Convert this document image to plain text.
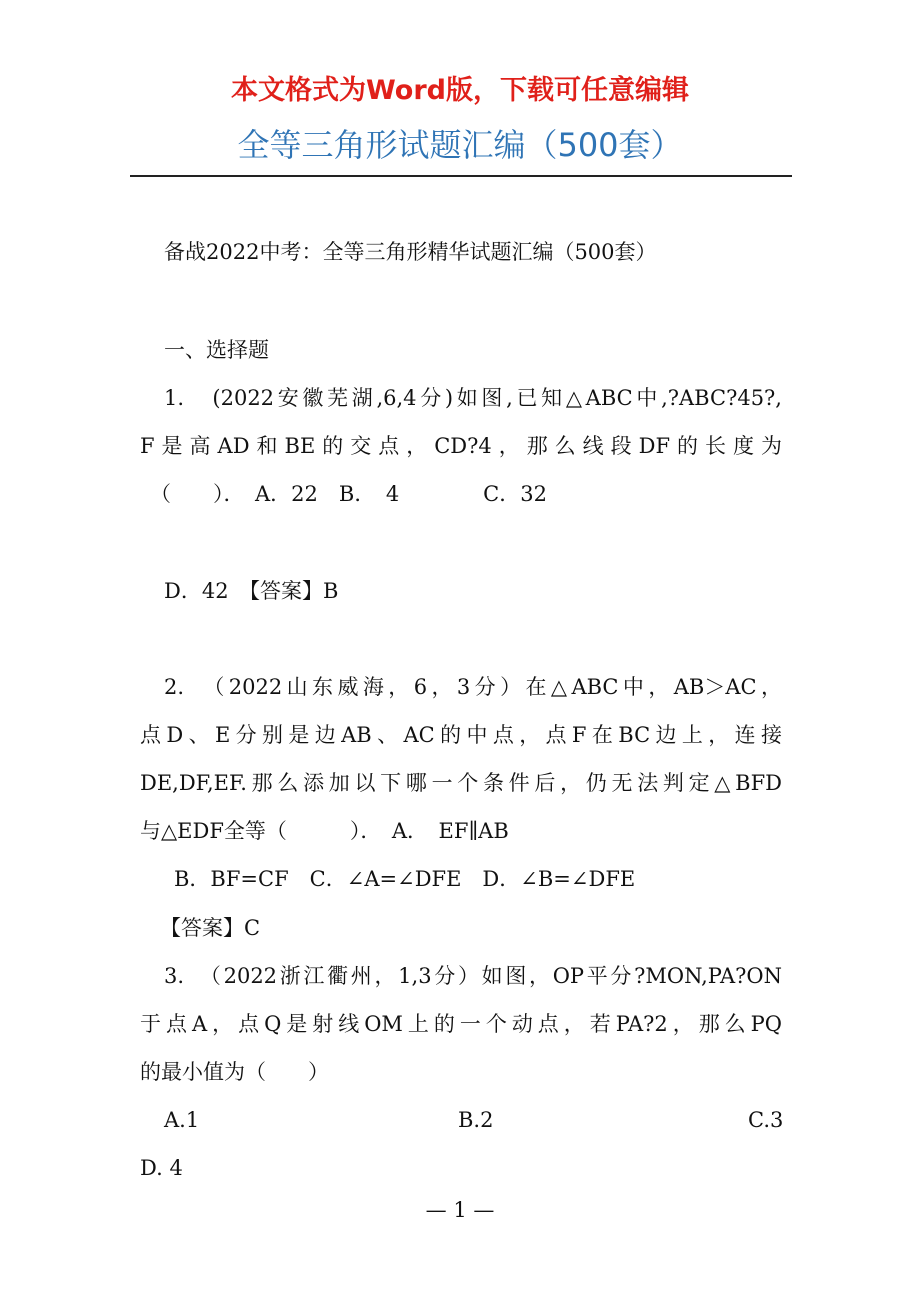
本文格式为Word版，下载可任意编辑
全等三角形试题汇编（500套）
备战2022中考：全等三角形精华试题汇编（500套）
一、选择题
1.　(2022安徽芜湖,6,4分)如图,已知△ABC中,?ABC?45?,
F是高AD和BE的交点，CD?4，那么线段DF的长度为
（　　）．　A．22　B．　4　　　　C．32
D．42　【答案】B
2.　（2022山东威海，6，3分）在△ABC中，AB＞AC，
点D、E分别是边AB、AC的中点，点F在BC边上，连接
DE,DF,EF.那么添加以下哪一个条件后，仍无法判定△BFD
与△EDF全等（　　　）．　A．　EF∥AB
B．BF=CF　C．∠A=∠DFE　D．∠B=∠DFE
【答案】C
3.　（2022浙江衢州，1,3分）如图，OP平分?MON,PA?ON
于点A，点Q是射线OM上的一个动点，若PA?2，那么PQ
的最小值为（　　）
A.1	B.2	C.3
D. 4
— 1 —
